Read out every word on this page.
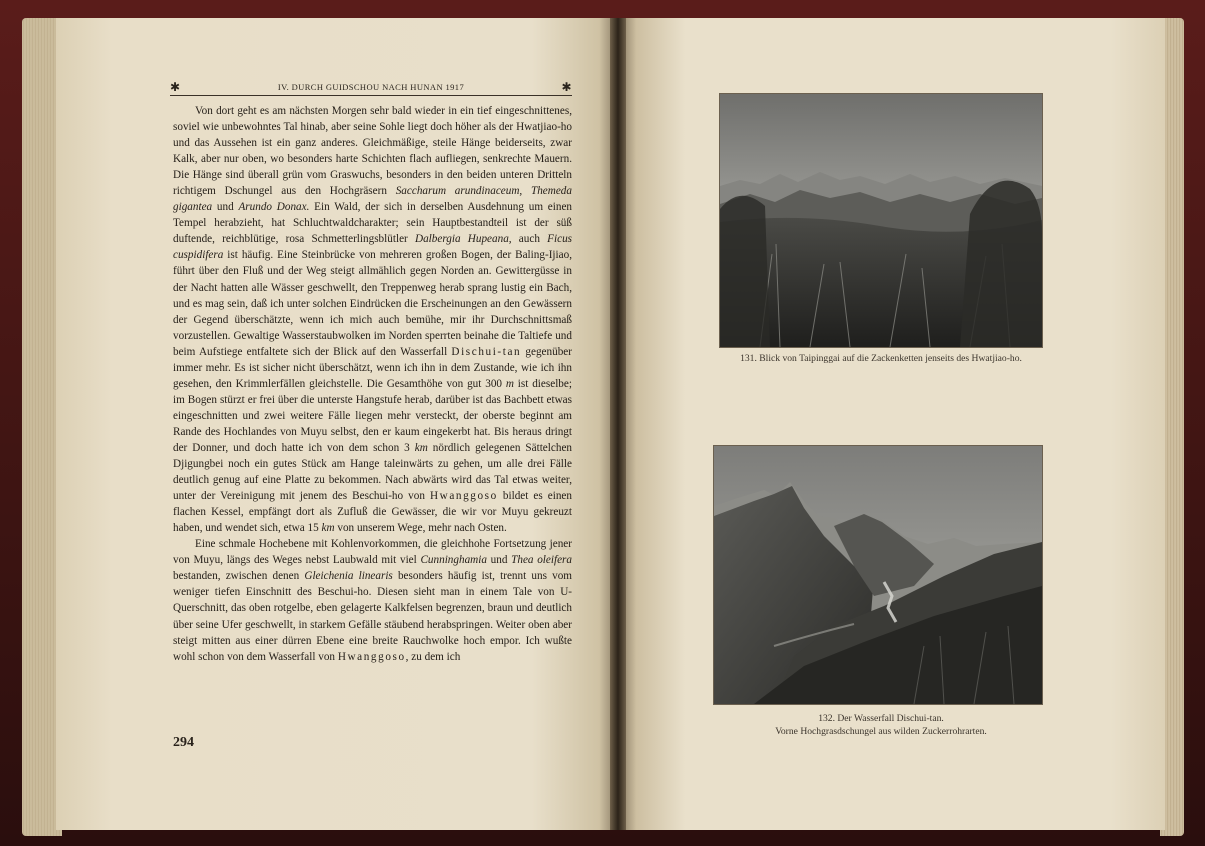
✱	IV. DURCH GUIDSCHOU NACH HUNAN 1917	✱

Von dort geht es am nächsten Morgen sehr bald wieder in ein tief eingeschnittenes, soviel wie unbewohntes Tal hinab, aber seine Sohle liegt doch höher als der Hwatjiao-ho und das Aussehen ist ein ganz anderes. Gleichmäßige, steile Hänge beiderseits, zwar Kalk, aber nur oben, wo besonders harte Schichten flach aufliegen, senkrechte Mauern. Die Hänge sind überall grün vom Graswuchs, besonders in den beiden unteren Dritteln richtigem Dschungel aus den Hochgräsern Saccharum arundinaceum, Themeda gigantea und Arundo Donax. Ein Wald, der sich in derselben Ausdehnung um einen Tempel herabzieht, hat Schluchtwaldcharakter; sein Hauptbestandteil ist der süß duftende, reichblütige, rosa Schmetterlingsblütler Dalbergia Hupeana, auch Ficus cuspidifera ist häufig. Eine Steinbrücke von mehreren großen Bogen, der Baling-Ijiao, führt über den Fluß und der Weg steigt allmählich gegen Norden an. Gewittergüsse in der Nacht hatten alle Wässer geschwellt, den Treppenweg herab sprang lustig ein Bach, und es mag sein, daß ich unter solchen Eindrücken die Erscheinungen an den Gewässern der Gegend überschätzte, wenn ich mich auch bemühe, mir ihr Durchschnittsmaß vorzustellen. Gewaltige Wasserstaubwolken im Norden sperrten beinahe die Taltiefe und beim Aufstiege entfaltete sich der Blick auf den Wasserfall Dischui-tan gegenüber immer mehr. Es ist sicher nicht überschätzt, wenn ich ihn in dem Zustande, wie ich ihn gesehen, den Krimmlerfällen gleichstelle. Die Gesamthöhe von gut 300 m ist dieselbe; im Bogen stürzt er frei über die unterste Hangstufe herab, darüber ist das Bachbett etwas eingeschnitten und zwei weitere Fälle liegen mehr versteckt, der oberste beginnt am Rande des Hochlandes von Muyu selbst, den er kaum eingekerbt hat. Bis heraus dringt der Donner, und doch hatte ich von dem schon 3 km nördlich gelegenen Sättelchen Djigungbei noch ein gutes Stück am Hange taleinwärts zu gehen, um alle drei Fälle deutlich genug auf eine Platte zu bekommen. Nach abwärts wird das Tal etwas weiter, unter der Vereinigung mit jenem des Beschui-ho von Hwanggoso bildet es einen flachen Kessel, empfängt dort als Zufluß die Gewässer, die wir vor Muyu gekreuzt haben, und wendet sich, etwa 15 km von unserem Wege, mehr nach Osten.

Eine schmale Hochebene mit Kohlenvorkommen, die gleichhohe Fortsetzung jener von Muyu, längs des Weges nebst Laubwald mit viel Cunninghamia und Thea oleifera bestanden, zwischen denen Gleichenia linearis besonders häufig ist, trennt uns vom weniger tiefen Einschnitt des Beschui-ho. Diesen sieht man in einem Tale von U-Querschnitt, das oben rotgelbe, eben gelagerte Kalkfelsen begrenzen, braun und deutlich über seine Ufer geschwellt, in starkem Gefälle stäubend herabspringen. Weiter oben aber steigt mitten aus einer dürren Ebene eine breite Rauchwolke hoch empor. Ich wußte wohl schon von dem Wasserfall von Hwanggoso, zu dem ich

294
131. Blick von Taipinggai auf die Zackenketten jenseits des Hwatjiao-ho.
132. Der Wasserfall Dischui-tan.
Vorne Hochgrasdschungel aus wilden Zuckerrohrarten.
